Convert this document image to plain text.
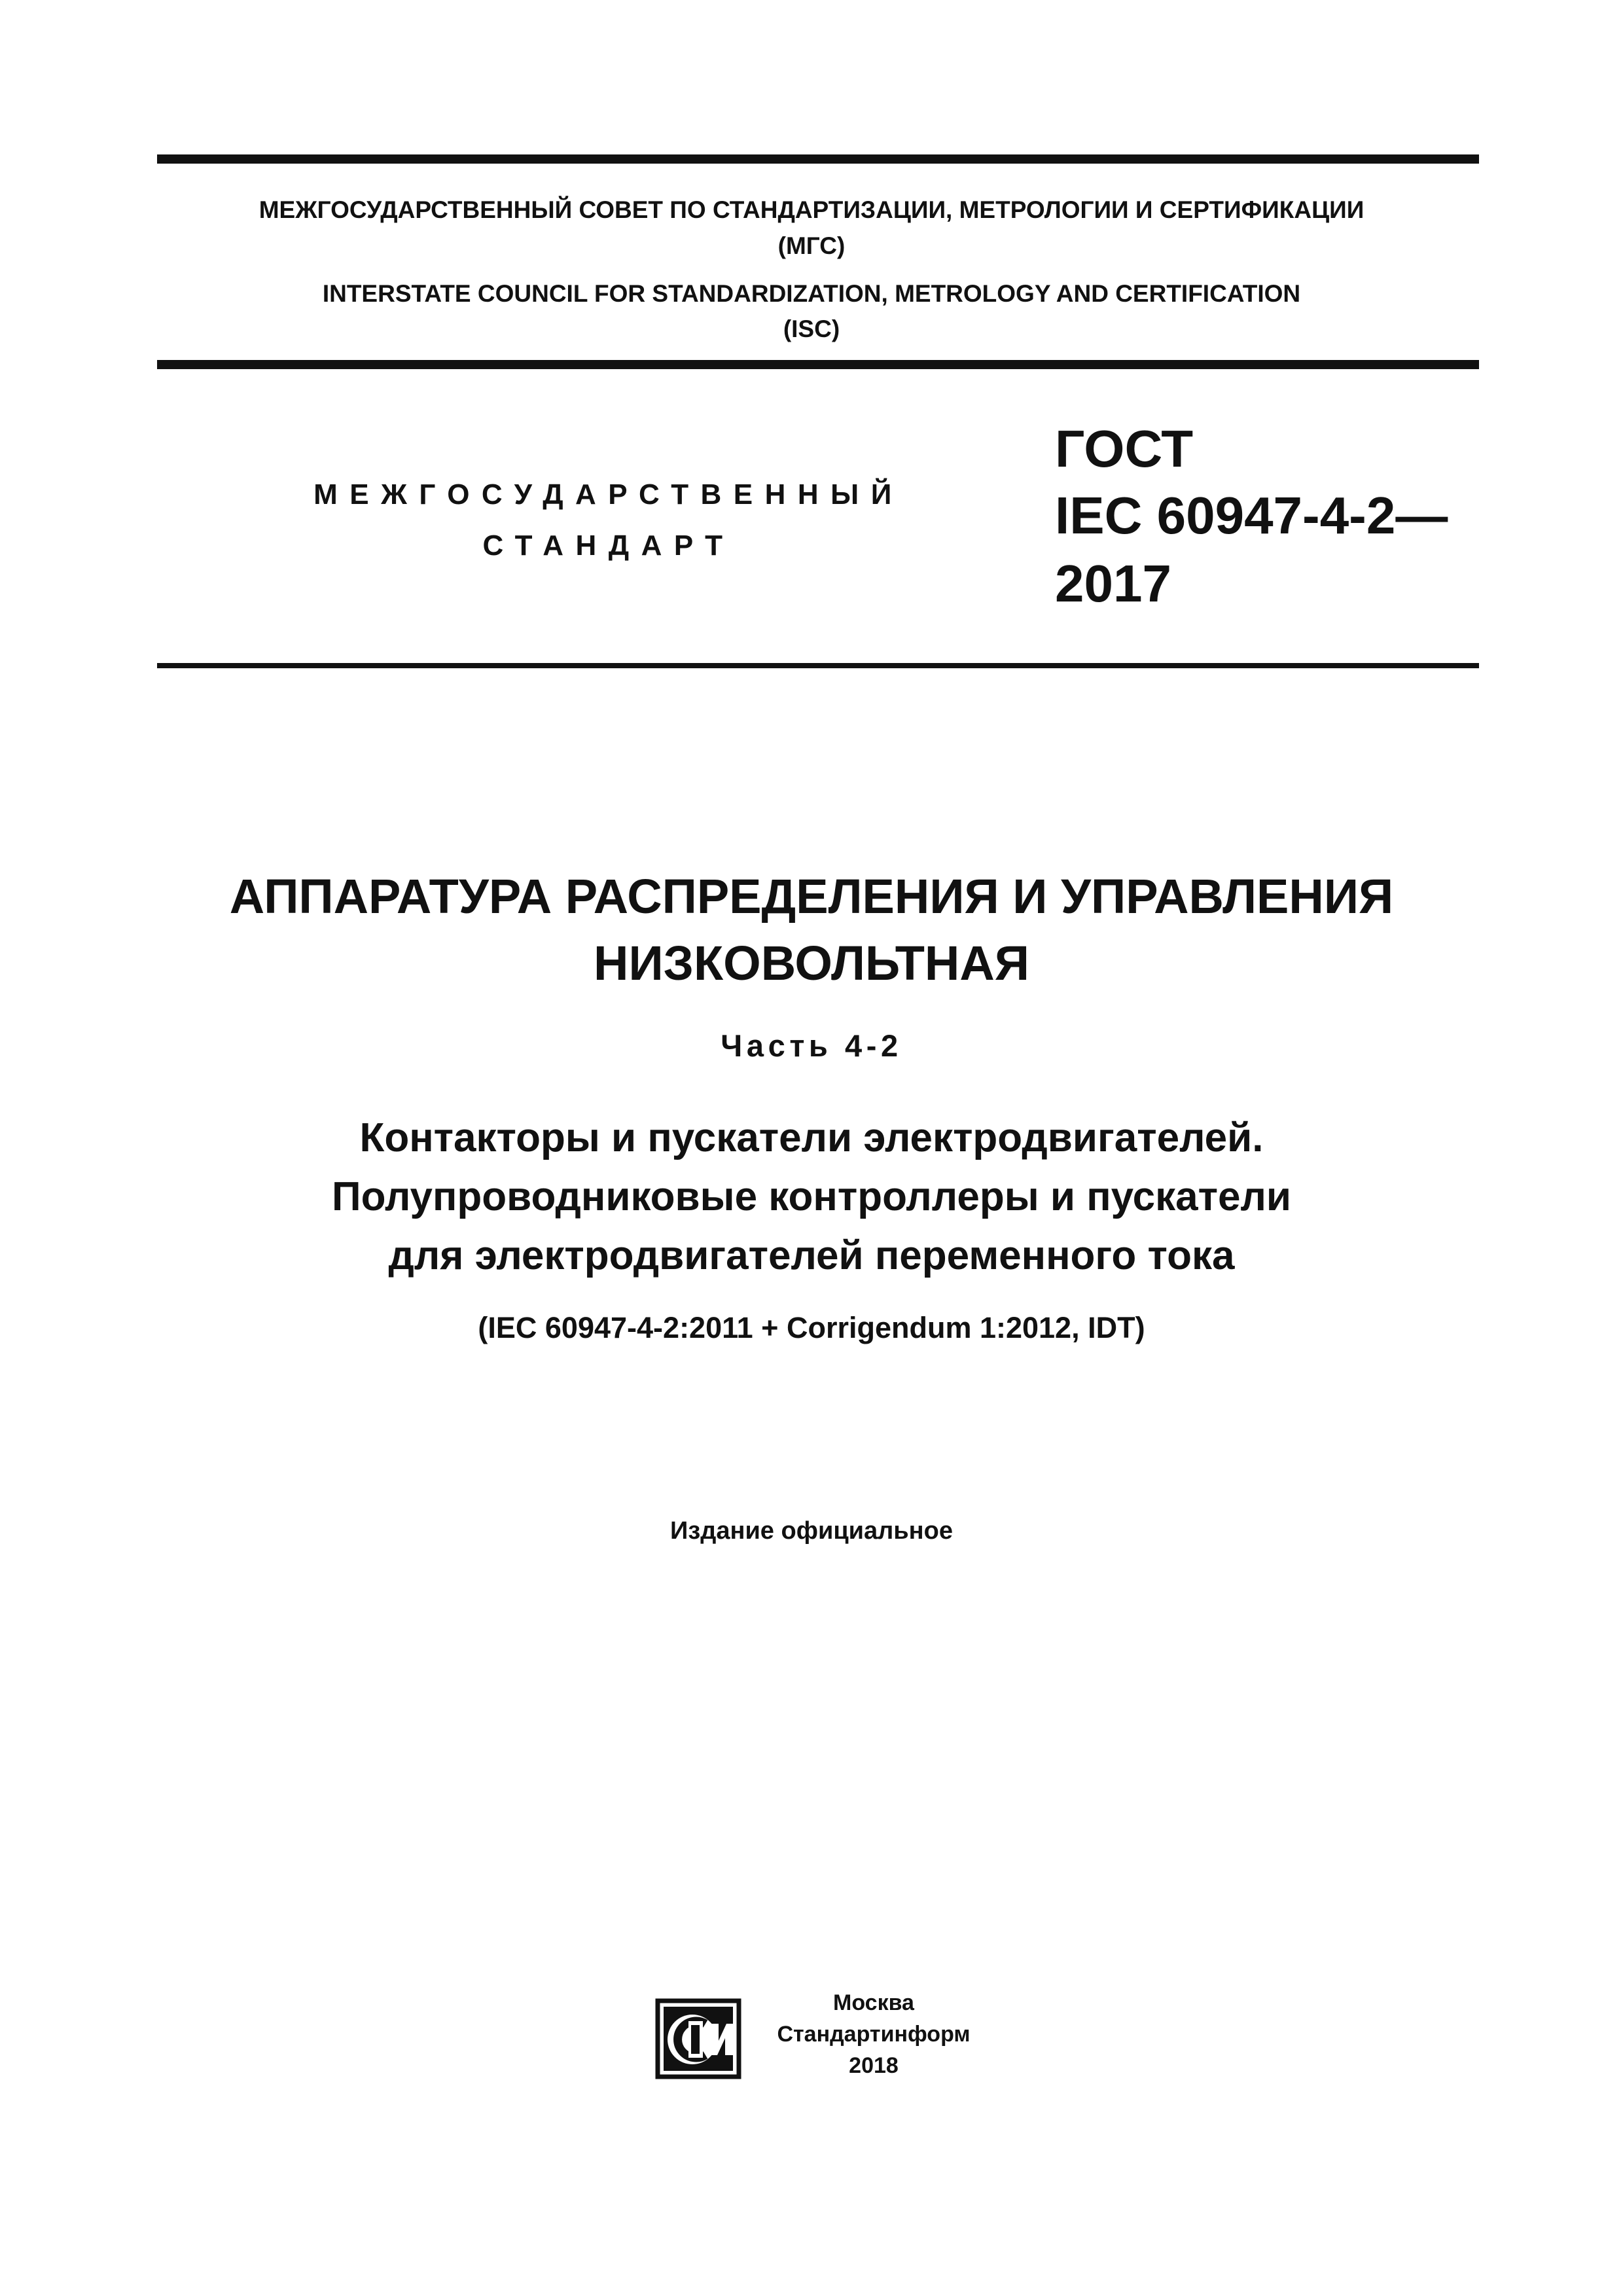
МЕЖГОСУДАРСТВЕННЫЙ СОВЕТ ПО СТАНДАРТИЗАЦИИ, МЕТРОЛОГИИ И СЕРТИФИКАЦИИ
(МГС)
INTERSTATE COUNCIL FOR STANDARDIZATION, METROLOGY AND CERTIFICATION
(ISC)
МЕЖГОСУДАРСТВЕННЫЙ
СТАНДАРТ
ГОСТ
IEC 60947-4-2—
2017
АППАРАТУРА РАСПРЕДЕЛЕНИЯ И УПРАВЛЕНИЯ
НИЗКОВОЛЬТНАЯ
Часть 4-2
Контакторы и пускатели электродвигателей.
Полупроводниковые контроллеры и пускатели
для электродвигателей переменного тока
(IEC 60947-4-2:2011 + Corrigendum 1:2012, IDT)
Издание официальное
Москва
Стандартинформ
2018
